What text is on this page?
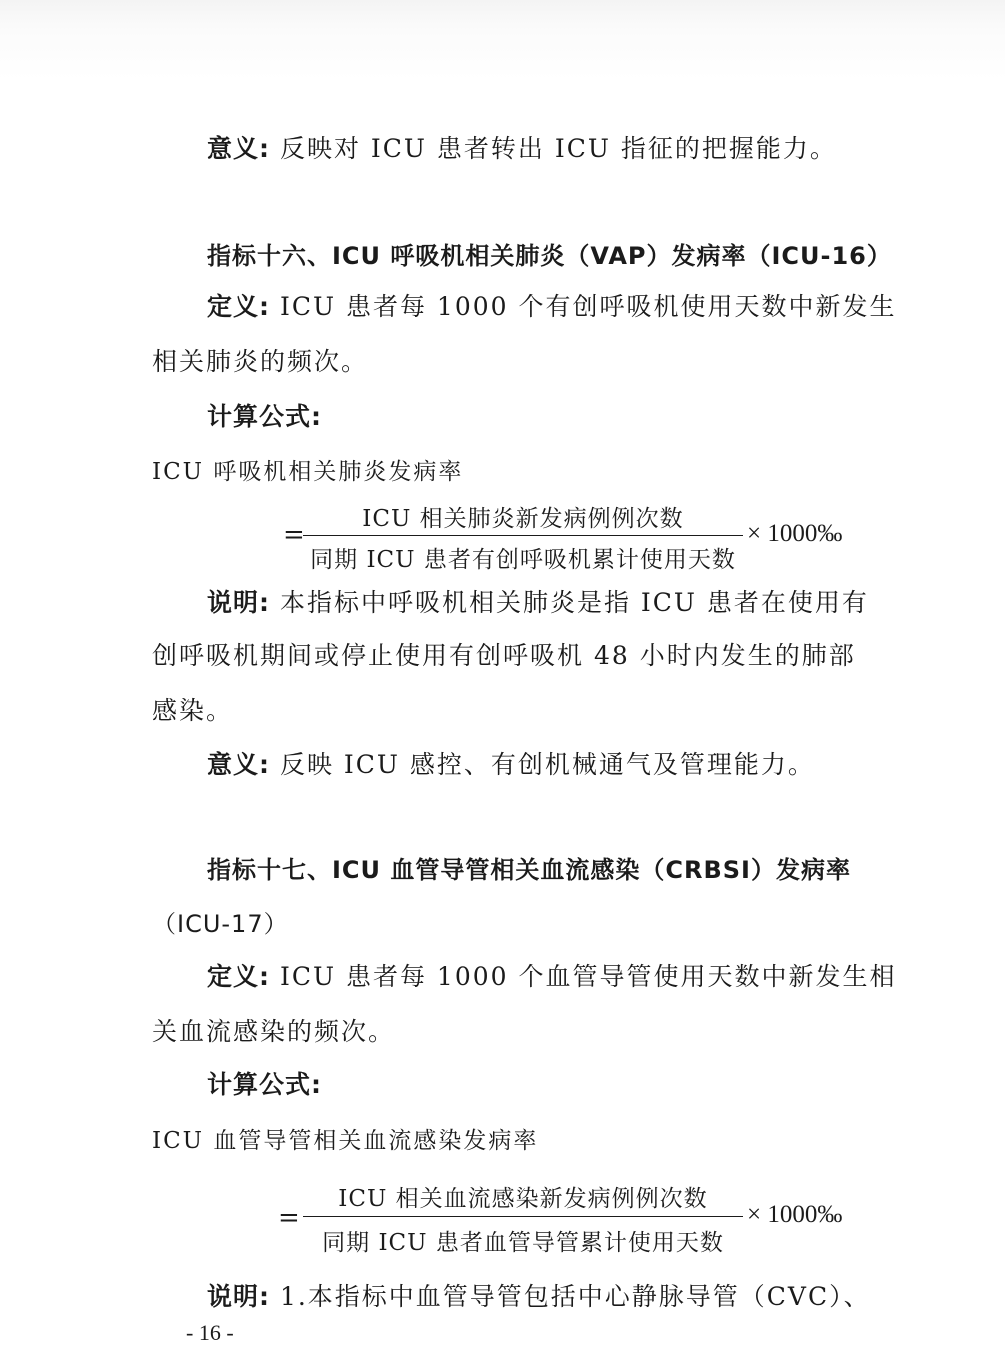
意义: 反映对 ICU 患者转出 ICU 指征的把握能力。
指标十六、ICU 呼吸机相关肺炎（VAP）发病率（ICU-16）
定义: ICU 患者每 1000 个有创呼吸机使用天数中新发生
相关肺炎的频次。
计算公式:
ICU 呼吸机相关肺炎发病率
=
ICU 相关肺炎新发病例例次数
同期 ICU 患者有创呼吸机累计使用天数
× 1000‰
说明: 本指标中呼吸机相关肺炎是指 ICU 患者在使用有
创呼吸机期间或停止使用有创呼吸机 48 小时内发生的肺部
感染。
意义: 反映 ICU 感控、有创机械通气及管理能力。
指标十七、ICU 血管导管相关血流感染（CRBSI）发病率
（ICU-17）
定义: ICU 患者每 1000 个血管导管使用天数中新发生相
关血流感染的频次。
计算公式:
ICU 血管导管相关血流感染发病率
=
ICU 相关血流感染新发病例例次数
同期 ICU 患者血管导管累计使用天数
× 1000‰
说明: 1.本指标中血管导管包括中心静脉导管（CVC）、
- 16 -
